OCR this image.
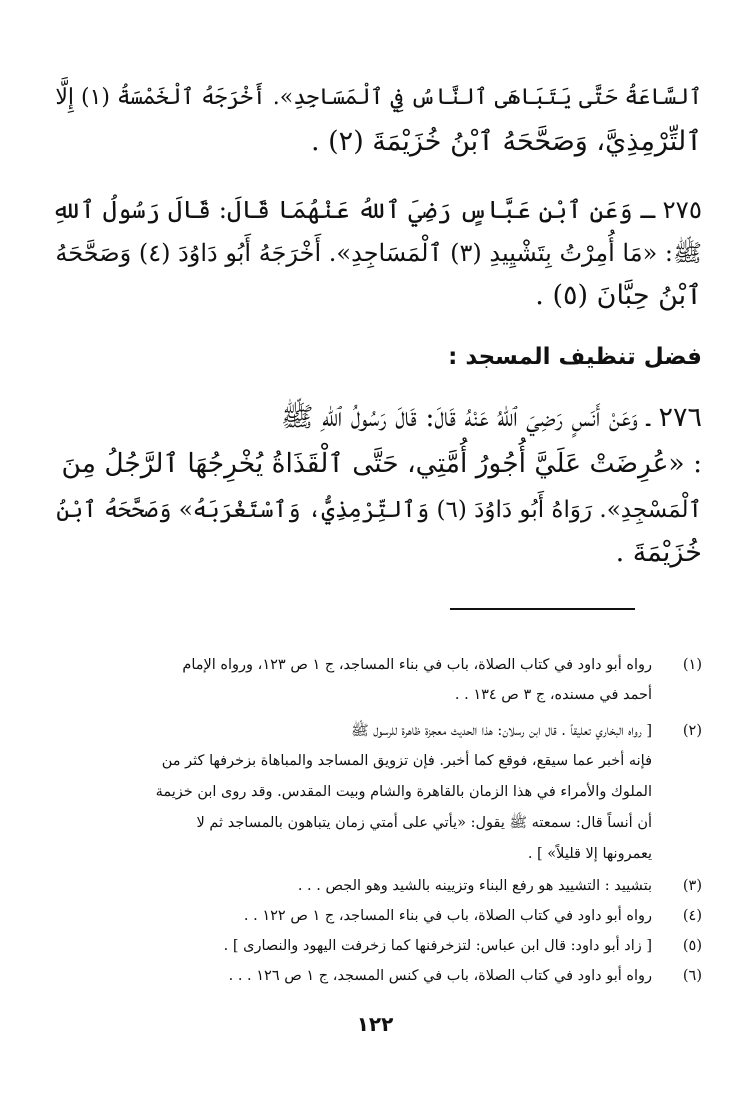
ٱلسَّاعَةُ حَتَّى يَتَبَاهَى ٱلنَّاسُ فِي ٱلْمَسَاجِدِ». أَخْرَجَهُ ٱلْخَمْسَةُ (١) إِلَّا
ٱلتِّرْمِذِيَّ، وَصَحَّحَهُ ٱبْنُ خُزَيْمَةَ (٢) .
٢٧٥ ـ وَعَنِ ٱبْنِ عَبَّاسٍ رَضِيَ ٱللهُ عَنْهُمَا قَالَ: قَالَ رَسُولُ ٱللهِ
ﷺ: «مَا أُمِرْتُ بِتَشْيِيدِ (٣) ٱلْمَسَاجِدِ». أَخْرَجَهُ أَبُو دَاوُدَ (٤) وَصَحَّحَهُ
ٱبْنُ حِبَّانَ (٥) .
فضل تنظيف المسجد :
٢٧٦ ـ وَعَنْ أَنَسٍ رَضِيَ ٱللهُ عَنْهُ قَالَ: قَالَ رَسُولُ ٱللهِ ﷺ
: «عُرِضَتْ عَلَيَّ أُجُورُ أُمَّتِي، حَتَّى ٱلْقَذَاةُ يُخْرِجُهَا ٱلرَّجُلُ مِنَ
ٱلْمَسْجِدِ». رَوَاهُ أَبُو دَاوُدَ (٦) وَٱلتِّرْمِذِيُّ، وَٱسْتَغْرَبَهُ» وَصَحَّحَهُ ٱبْنُ
خُزَيْمَةَ .
(١)
رواه أبو داود في كتاب الصلاة، باب في بناء المساجد، ج ١ ص ١٢٣، ورواه الإمام
أحمد في مسنده، ج ٣ ص ١٣٤ . .
(٢)
[ رواه البخاري تعليقاً . قال ابن رسلان: هذا الحديث معجزة ظاهرة للرسول ﷺ
فإنه أخبر عما سيقع، فوقع كما أخبر. فإن تزويق المساجد والمباهاة بزخرفها كثر من
الملوك والأمراء في هذا الزمان بالقاهرة والشام وبيت المقدس. وقد روى ابن خزيمة
أن أنساً قال: سمعته ﷺ يقول: «يأتي على أمتي زمان يتباهون بالمساجد ثم لا
يعمرونها إلا قليلاً» ] .
(٣)
بتشييد : التشييد هو رفع البناء وتزيينه بالشيد وهو الجص . . .
(٤)
رواه أبو داود في كتاب الصلاة، باب في بناء المساجد، ج ١ ص ١٢٢ . .
(٥)
[ زاد أبو داود: قال ابن عباس: لتزخرفنها كما زخرفت اليهود والنصارى ] .
(٦)
رواه أبو داود في كتاب الصلاة، باب في كنس المسجد، ج ١ ص ١٢٦ . . .
١٢٢
